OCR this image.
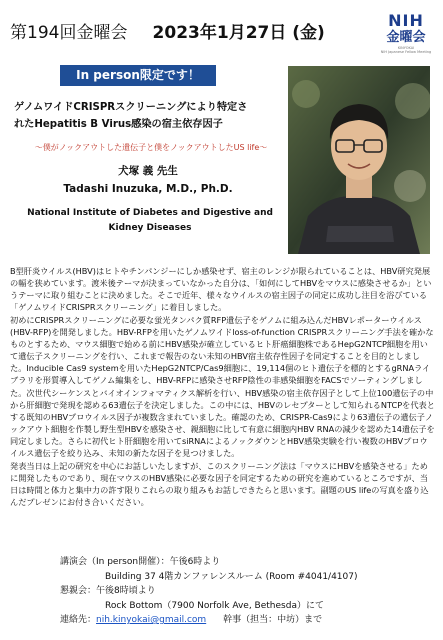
第194回金曜会 2023年1月27日 (金)
NIH
金曜会
KINYOKAI
NIH Japanese Fellow Meeting
In person限定です！
ゲノムワイドCRISPRスクリーニングにより特定さ
れたHepatitis B Virus感染の宿主依存因子
～僕がノックアウトした遺伝子と僕をノックアウトしたUS life～
犬塚 義 先生
Tadashi Inuzuka, M.D., Ph.D.
National Institute of Diabetes and Digestive and
Kidney Diseases

B型肝炎ウイルス(HBV)はヒトやチンパンジーにしか感染せず、宿主のレンジが限られていることは、HBV研究発展の幅を狭めています。渡米後テーマが決まっていなかった自分は、「如何にしてHBVをマウスに感染させるか」というテーマに取り組むことに決めました。そこで近年、様々なウイルスの宿主因子の同定に成功し注目を浴びている「ゲノムワイドCRISPRスクリーニング」に着目しました。

初めにCRISPRスクリーニングに必要な蛍光タンパク質RFP遺伝子をゲノムに組み込んだHBVレポーターウイルス(HBV-RFP)を開発しました。HBV-RFPを用いたゲノムワイドloss-of-function CRISPRスクリーニング手法を確かなものとするため、マウス細胞で始める前にHBV感染が確立しているヒト肝癌細胞株であるHepG2NTCP細胞を用いて遺伝子スクリーニングを行い、これまで報告のない未知のHBV宿主依存性因子を同定することを目的としました。Inducible Cas9 systemを用いたHepG2NTCP/Cas9細胞に、19,114個のヒト遺伝子を標的とするgRNAライブラリを形質導入してゲノム編集をし、HBV-RFPに感染させRFP陰性の非感染細胞をFACSでソーティングしました。次世代シーケンスとバイオインフォマティクス解析を行い、HBV感染の宿主依存因子として上位100遺伝子の中から肝細胞で発現を認める63遺伝子を決定しました。この中には、HBVのレセプターとして知られるNTCPを代表とする既知のHBVプロウイルス因子が複数含まれていました。確認のため、CRISPR-Cas9により63遺伝子の遺伝子ノックアウト細胞を作製し野生型HBVを感染させ、親細胞に比して有意に細胞内HBV RNAの減少を認めた14遺伝子を同定しました。さらに初代ヒト肝細胞を用いてsiRNAによるノックダウンとHBV感染実験を行い複数のHBVプロウイルス遺伝子を絞り込み、未知の新たな因子を見つけました。

発表当日は上記の研究を中心にお話しいたしますが、このスクリーニング法は「マウスにHBVを感染させる」ために開発したものであり、現在マウスのHBV感染に必要な因子を同定するための研究を進めているところですが、当日は時間と体力と集中力の許す限りこれらの取り組みもお話しできたらと思います。副題のUS lifeの写真を盛り込んだプレゼンにお付き合いください。

講演会（In person開催）：午後6時より
Building 37 4階カンファレンスルーム (Room #4041/4107)
懇親会：午後8時頃より
Rock Bottom（7900 Norfolk Ave, Bethesda）にて
連絡先：nih.kinyokai@gmail.com 幹事（担当：中坊）まで
